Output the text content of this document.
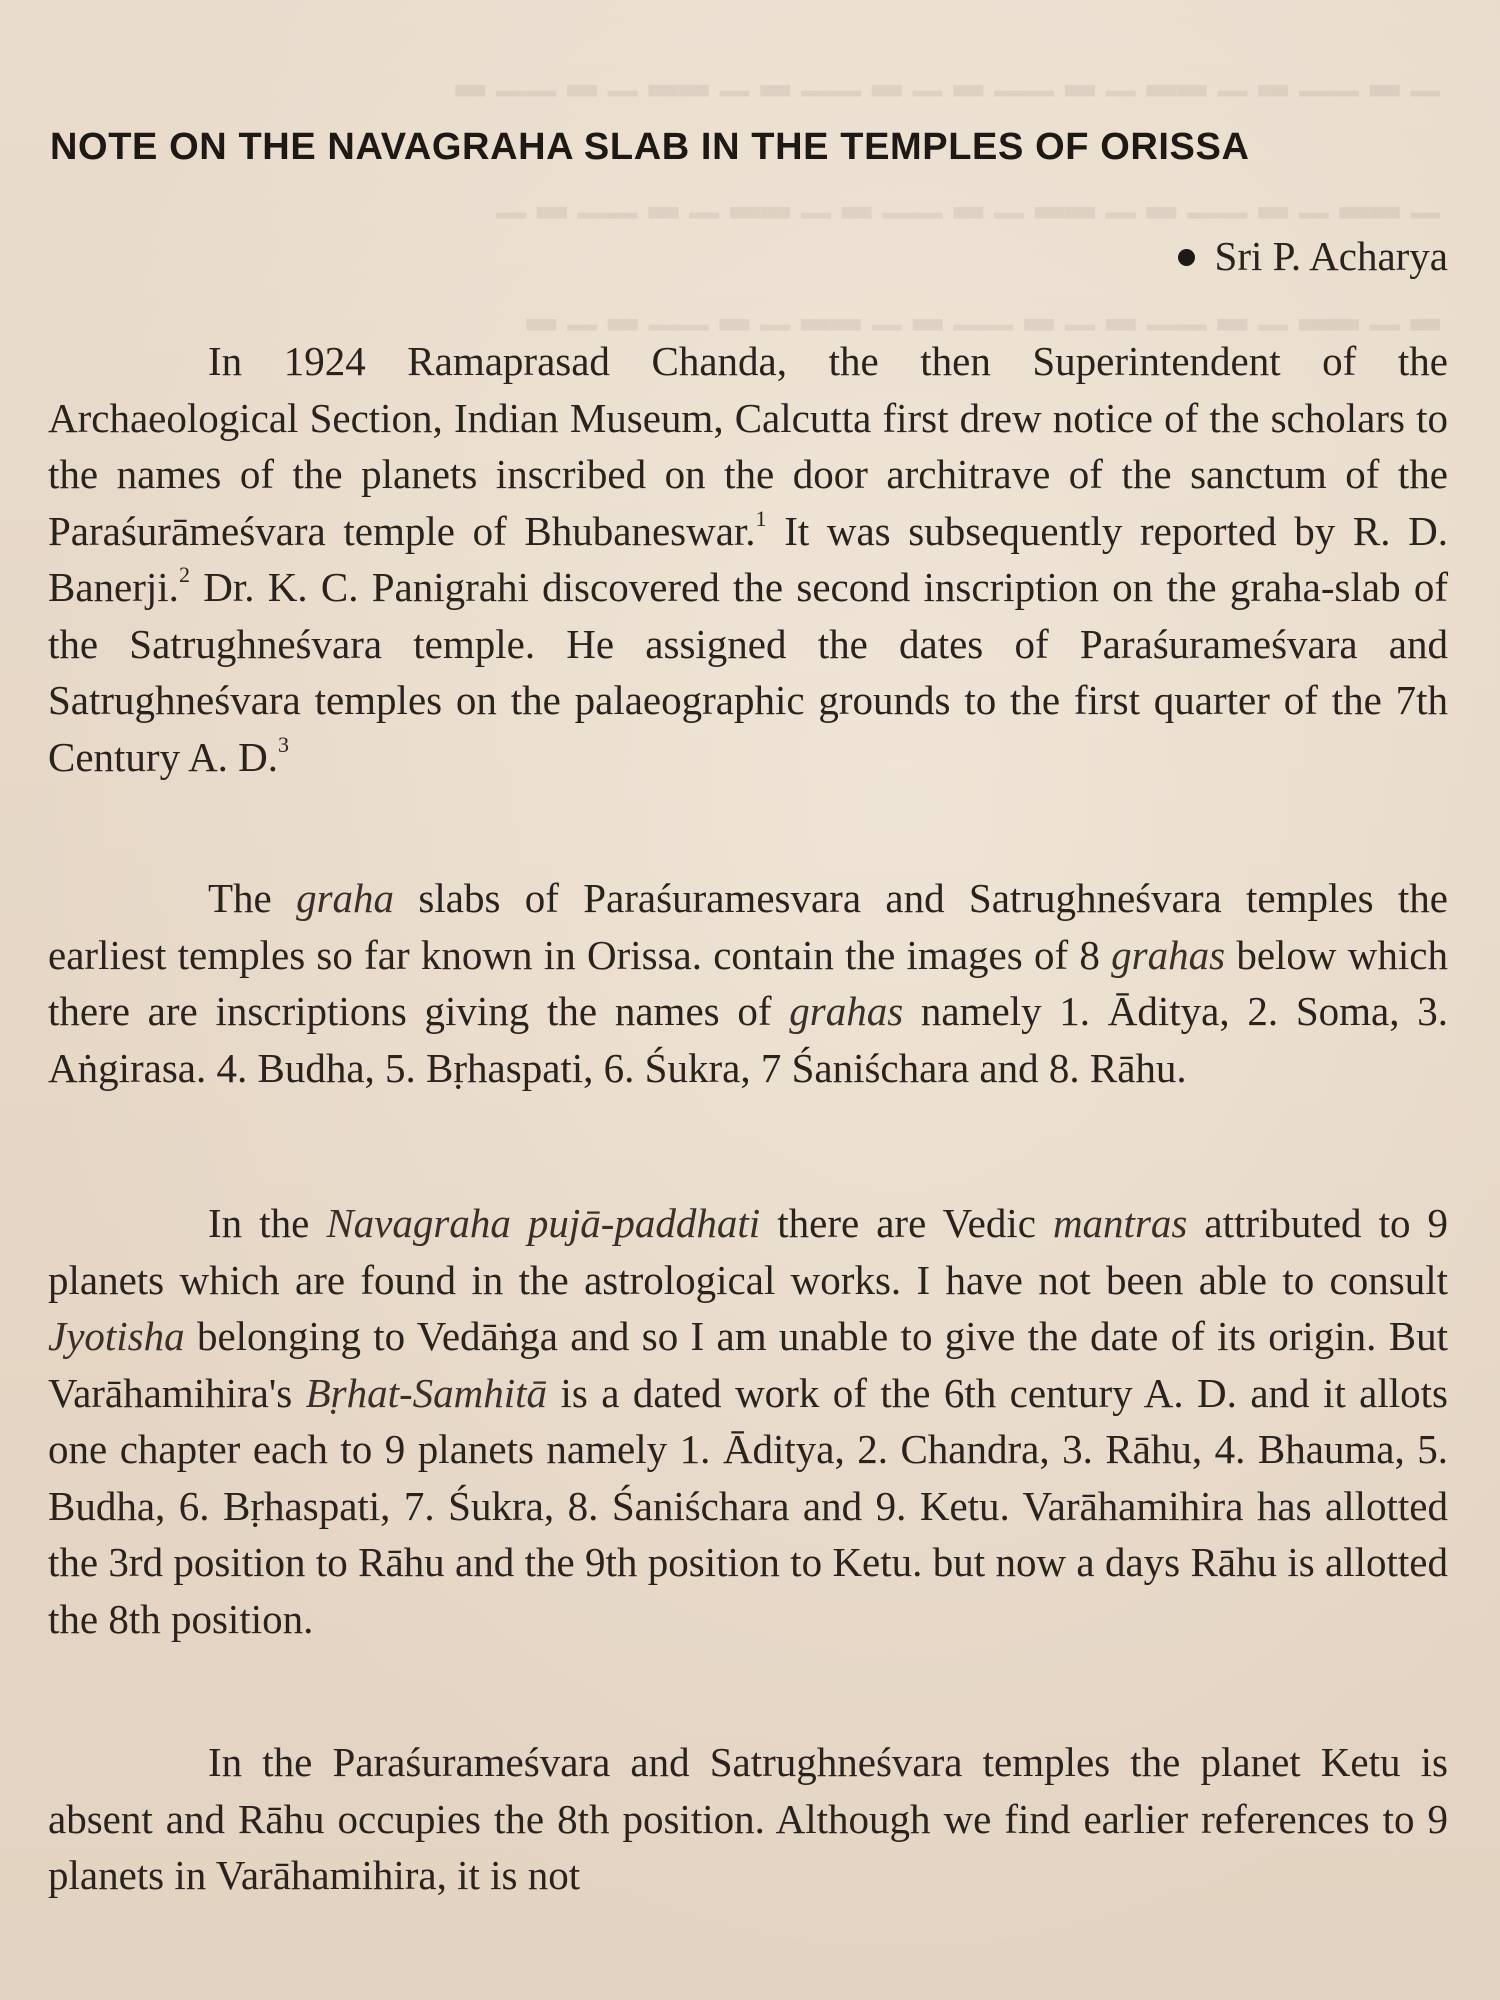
▁ ▂ ▁▁ ▂ ▁ ▂▂ ▁ ▂ ▁▁ ▂ ▁ ▂ ▁▁ ▂ ▁ ▂▂ ▁ ▂ ▁▁ ▂
▁ ▂▂ ▁ ▂ ▁▁ ▂ ▁ ▂▂ ▁ ▂ ▁▁ ▂ ▁ ▂▂ ▁ ▂ ▁▁ ▂ ▁
▂ ▁ ▂▂ ▁ ▂ ▁▁ ▂ ▁ ▂ ▁▁ ▂ ▁ ▂▂ ▁ ▂ ▁▁ ▂ ▁ ▂
NOTE ON THE NAVAGRAHA SLAB IN THE TEMPLES OF ORISSA
Sri P. Acharya

In 1924 Ramaprasad Chanda, the then Superintendent of the Archaeological Section, Indian Museum, Calcutta first drew notice of the scholars to the names of the planets inscribed on the door architrave of the sanctum of the Paraśurāmeśvara temple of Bhubaneswar.$^1$ It was subsequently reported by R. D. Banerji.$^2$ Dr. K. C. Panigrahi discovered the second inscription on the graha-slab of the Satrughneśvara temple. He assigned the dates of Paraśurameśvara and Satrughneśvara temples on the palaeographic grounds to the first quarter of the 7th Century A. D.$^3$

The graha slabs of Paraśuramesvara and Satrughneśvara temples the earliest temples so far known in Orissa. contain the images of 8 grahas below which there are inscriptions giving the names of grahas namely 1. Āditya, 2. Soma, 3. Aṅgirasa. 4. Budha, 5. Bṛhaspati, 6. Śukra, 7 Śaniśchara and 8. Rāhu.

In the Navagraha pujā-paddhati there are Vedic mantras attributed to 9 planets which are found in the astrological works. I have not been able to consult Jyotisha belonging to Vedāṅga and so I am unable to give the date of its origin. But Varāhamihira's Bṛhat-Samhitā is a dated work of the 6th century A. D. and it allots one chapter each to 9 planets namely 1. Āditya, 2. Chandra, 3. Rāhu, 4. Bhauma, 5. Budha, 6. Bṛhaspati, 7. Śukra, 8. Śaniśchara and 9. Ketu. Varāhamihira has allotted the 3rd position to Rāhu and the 9th position to Ketu. but now a days Rāhu is allotted the 8th position.

In the Paraśurameśvara and Satrughneśvara temples the planet Ketu is absent and Rāhu occupies the 8th position. Although we find earlier references to 9 planets in Varāhamihira, it is not
